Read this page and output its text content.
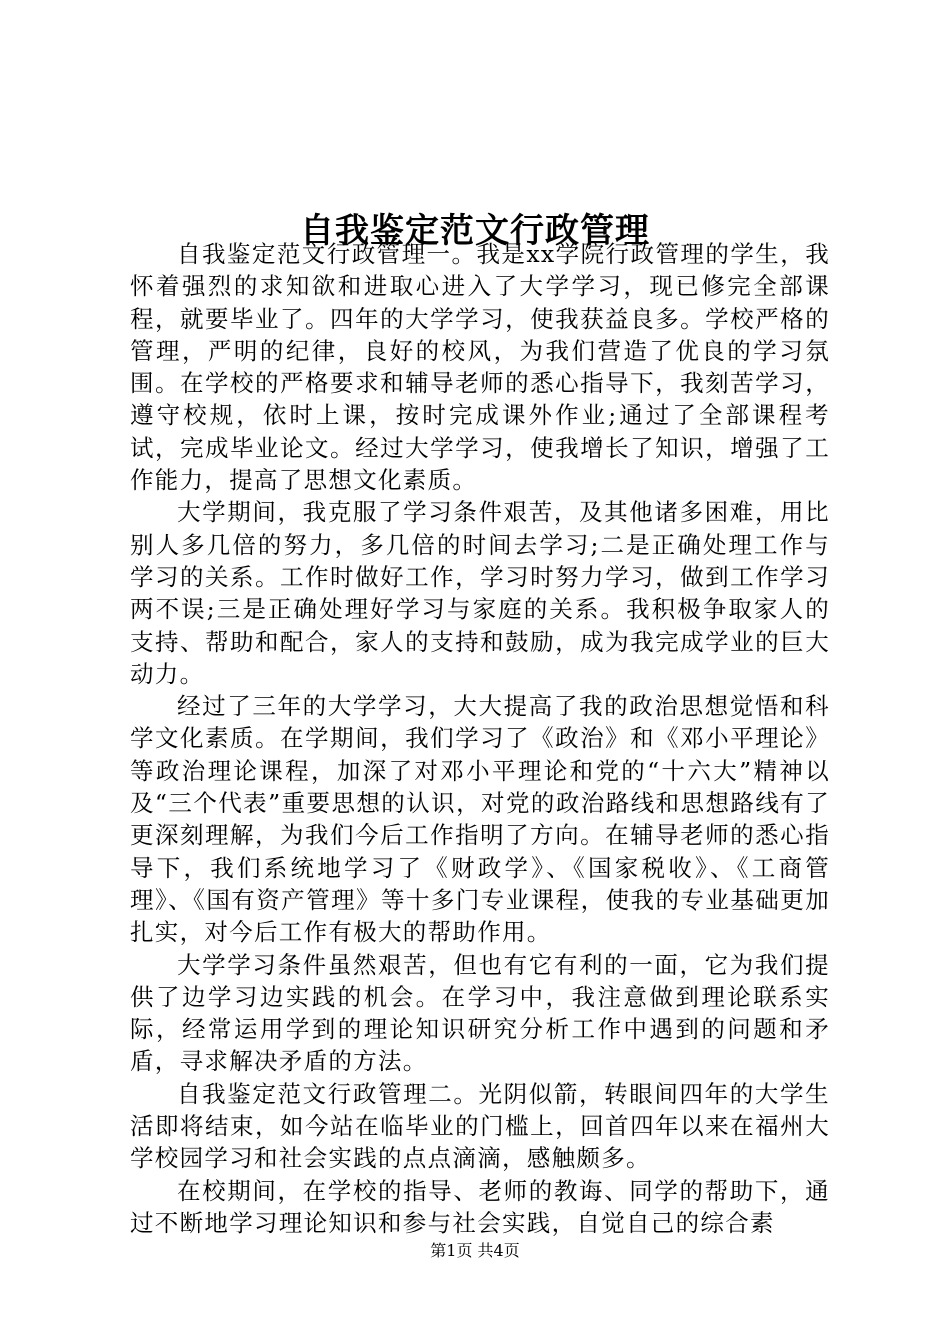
自我鉴定范文行政管理

自我鉴定范文行政管理一。我是xx学院行政管理的学生，我怀着强烈的求知欲和进取心进入了大学学习，现已修完全部课程，就要毕业了。四年的大学学习，使我获益良多。学校严格的管理，严明的纪律，良好的校风，为我们营造了优良的学习氛围。在学校的严格要求和辅导老师的悉心指导下，我刻苦学习，遵守校规，依时上课，按时完成课外作业;通过了全部课程考试，完成毕业论文。经过大学学习，使我增长了知识，增强了工作能力，提高了思想文化素质。

大学期间，我克服了学习条件艰苦，及其他诸多困难，用比别人多几倍的努力，多几倍的时间去学习;二是正确处理工作与学习的关系。工作时做好工作，学习时努力学习，做到工作学习两不误;三是正确处理好学习与家庭的关系。我积极争取家人的支持、帮助和配合，家人的支持和鼓励，成为我完成学业的巨大动力。

经过了三年的大学学习，大大提高了我的政治思想觉悟和科学文化素质。在学期间，我们学习了《政治》和《邓小平理论》等政治理论课程，加深了对邓小平理论和党的“十六大”精神以及“三个代表”重要思想的认识，对党的政治路线和思想路线有了更深刻理解，为我们今后工作指明了方向。在辅导老师的悉心指导下，我们系统地学习了《财政学》、《国家税收》、《工商管理》、《国有资产管理》等十多门专业课程，使我的专业基础更加扎实，对今后工作有极大的帮助作用。

大学学习条件虽然艰苦，但也有它有利的一面，它为我们提供了边学习边实践的机会。在学习中，我注意做到理论联系实际，经常运用学到的理论知识研究分析工作中遇到的问题和矛盾，寻求解决矛盾的方法。

自我鉴定范文行政管理二。光阴似箭，转眼间四年的大学生活即将结束，如今站在临毕业的门槛上，回首四年以来在福州大学校园学习和社会实践的点点滴滴，感触颇多。

在校期间，在学校的指导、老师的教诲、同学的帮助下，通过不断地学习理论知识和参与社会实践，自觉自己的综合素

第1页 共4页
